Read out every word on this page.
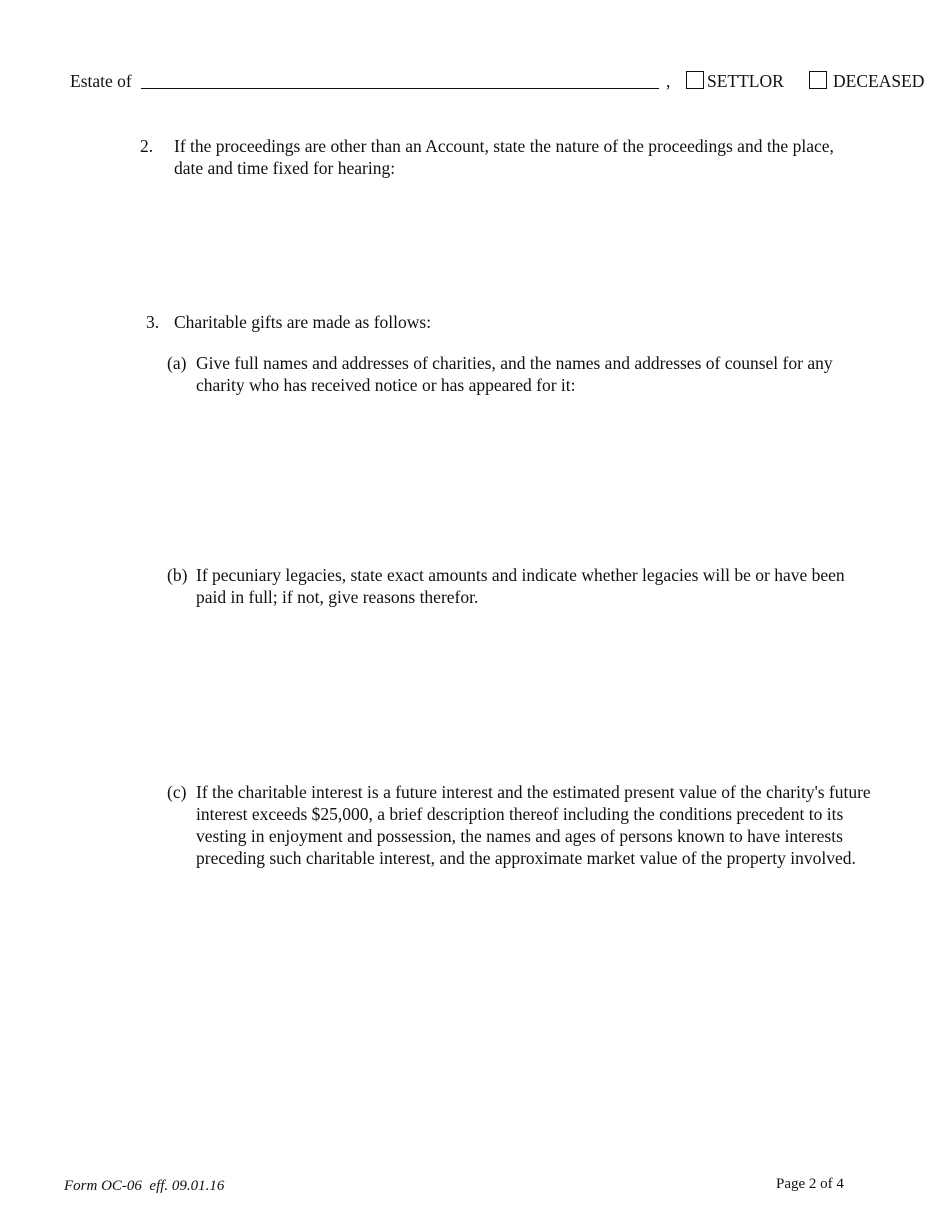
Estate of	, SETTLOR	DECEASED
2. If the proceedings are other than an Account, state the nature of the proceedings and the place, date and time fixed for hearing:
3. Charitable gifts are made as follows:
(a) Give full names and addresses of charities, and the names and addresses of counsel for any charity who has received notice or has appeared for it:
(b) If pecuniary legacies, state exact amounts and indicate whether legacies will be or have been paid in full; if not, give reasons therefor.
(c) If the charitable interest is a future interest and the estimated present value of the charity's future interest exceeds $25,000, a brief description thereof including the conditions precedent to its vesting in enjoyment and possession, the names and ages of persons known to have interests preceding such charitable interest, and the approximate market value of the property involved.
Form OC-06  eff. 09.01.16	Page 2 of 4
